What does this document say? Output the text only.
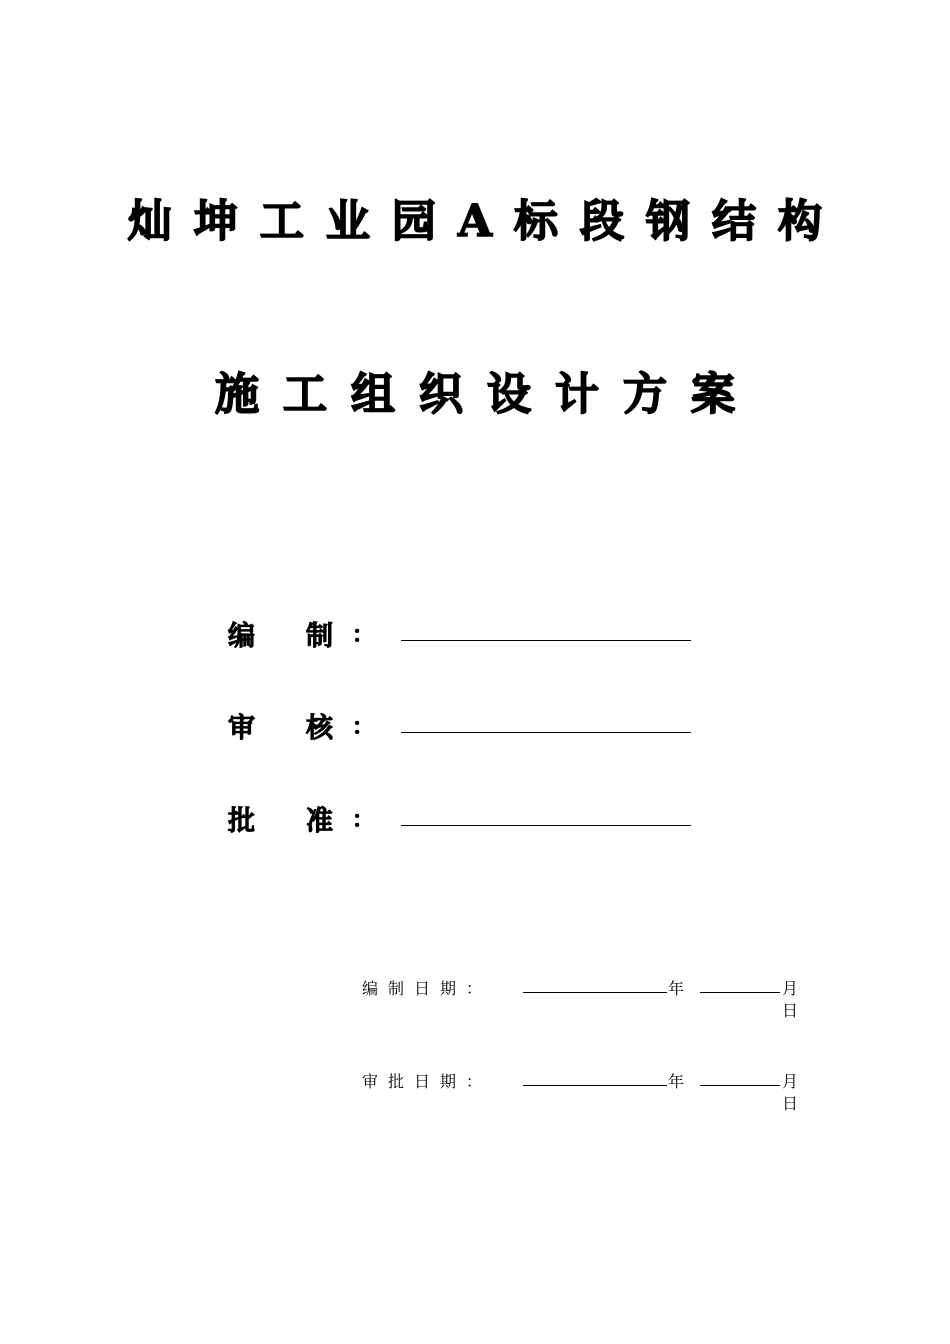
灿坤工业园A标段钢结构
施工组织设计方案
编 制 ：
审 核 ：
批 准 ：
编制日期：	年	月
日
审批日期：	年	月
日
